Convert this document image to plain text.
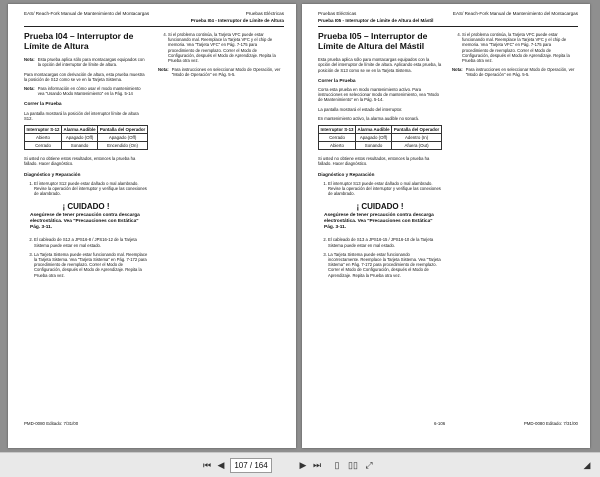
EAS/ Reach-Fork Manual de Mantenimiento del Montacargas	Pruebas Eléctricas
Prueba I04 - Interruptor de Límite de Altura
Prueba I04 – Interruptor de Límite de Altura
Nota: Esta prueba aplica sólo para montacargas equipados con la opción del interruptor de límite de altura.

Para montacargas con derivación de altura, esta prueba muestra la posición de S12 como se ve en la Tarjeta Sistema.

Nota: Para información en cómo usar el modo mantenimiento vea "Usando Modo Mantenimiento" en la Pág. 5-14
Correr la Prueba

La pantalla mostrará la posición del interruptor límite de altura S12.

Interruptor S-12	Alarma Audible	Pantalla del Operador
Abierto	Apagado (Off)	Apagado (Off)
Cerrado	Sonando	Encendido (On)

Si usted no obtiene estos resultados, entonces la prueba ha fallado. Hacer diagnóstico.

Diagnóstico y Reparación
1. El interruptor S12 puede estar dañado o mal alambrado. Revise la operación del interruptor y verifique las conexiones de alambrado.
¡ CUIDADO !
Asegúrese de tener precaución contra descarga electrostática. Vea "Precauciones con Estática" Pág. 3-11.
2. El cableado de S12 a JPS16-8 / JPS16-12 de la Tarjeta Sistema puede estar en mal estado.
3. La Tarjeta Sistema puede estar funcionando mal. Reemplace la Tarjeta Sistema. Vea "Tarjeta Sistema" en Pág. 7-172 para procedimiento de reemplazo. Correr el Modo de Configuración, después el Modo de Aprendizaje. Repita la Prueba otra vez.
4. Si el problema continúa, la Tarjeta VFC puede estar funcionando mal. Reemplace la Tarjeta VFC y el chip de memoria. Vea "Tarjeta VFC" en Pág. 7-175 para procedimiento de reemplazo. Correr el Modo de Configuración, después el Modo de Aprendizaje. Repita la Prueba otra vez.
Nota: Para instrucciones en seleccionar Modo de Operación, ver "Modo de Operación" en Pág. 5-5.
PMD-0080 Editado: 7/31/00
Pruebas Eléctricas	EAS/ Reach-Fork Manual de Mantenimiento del Montacargas
Prueba I05 - Interruptor de Límite de Altura del Mástil
Prueba I05 – Interruptor de Límite de Altura del Mástil

Esta prueba aplica sólo para montacargas equipados con la opción del interruptor de límite de altura. Aplicando esta prueba, la posición de S13 como se ve en la Tarjeta Sistema.

Correr la Prueba

Corra esta prueba en modo mantenimiento activo. Para instrucciones en seleccionar modo de mantenimiento, vea "Modo de Mantenimiento" en la Pág. 5-14.

La pantalla mostrará el estado del interruptor.

En mantenimiento activo, la alarma audible no sonará.

Interruptor S-13	Alarma Audible	Pantalla del Operador
Cerrado	Apagado (Off)	Adentro (In)
Abierto	Sonando	Afuera (Out)

Si usted no obtiene estos resultados, entonces la prueba ha fallado. Hacer diagnóstico.

Diagnóstico y Reparación
1. El interruptor S13 puede estar dañado o mal alambrado. Revise la operación del interruptor y verifique las conexiones de alambrado.
¡ CUIDADO !
Asegúrese de tener precaución contra descarga electrostática. Vea "Precauciones con Estática" Pág. 3-11.
2. El cableado de S13 a JPS16-15 / JPS16-10 de la Tarjeta Sistema puede estar en mal estado.
3. La Tarjeta Sistema puede estar funcionando incorrectamente. Reemplace la Tarjeta Sistema. Vea "Tarjeta Sistema" en Pág. 7-172 para procedimiento de reemplazo. Correr el Modo de Configuración, después el Modo de Aprendizaje. Repita la Prueba otra vez.
4. Si el problema continúa, la Tarjeta VFC puede estar funcionando mal. Reemplace la Tarjeta VFC y el chip de memoria. Vea "Tarjeta VFC" en Pág. 7-175 para procedimiento de reemplazo. Correr el Modo de Configuración, después el Modo de Aprendizaje. Repita la Prueba otra vez.
Nota: Para instrucciones en seleccionar Modo de Operación, ver "Modo de Operación" en Pág. 5-5.
6-106	PMD-0080 Editado: 7/31/00
⏮ ◀	107 / 164	▶ ⏭	▯ ▯▯ ⤢	◢
